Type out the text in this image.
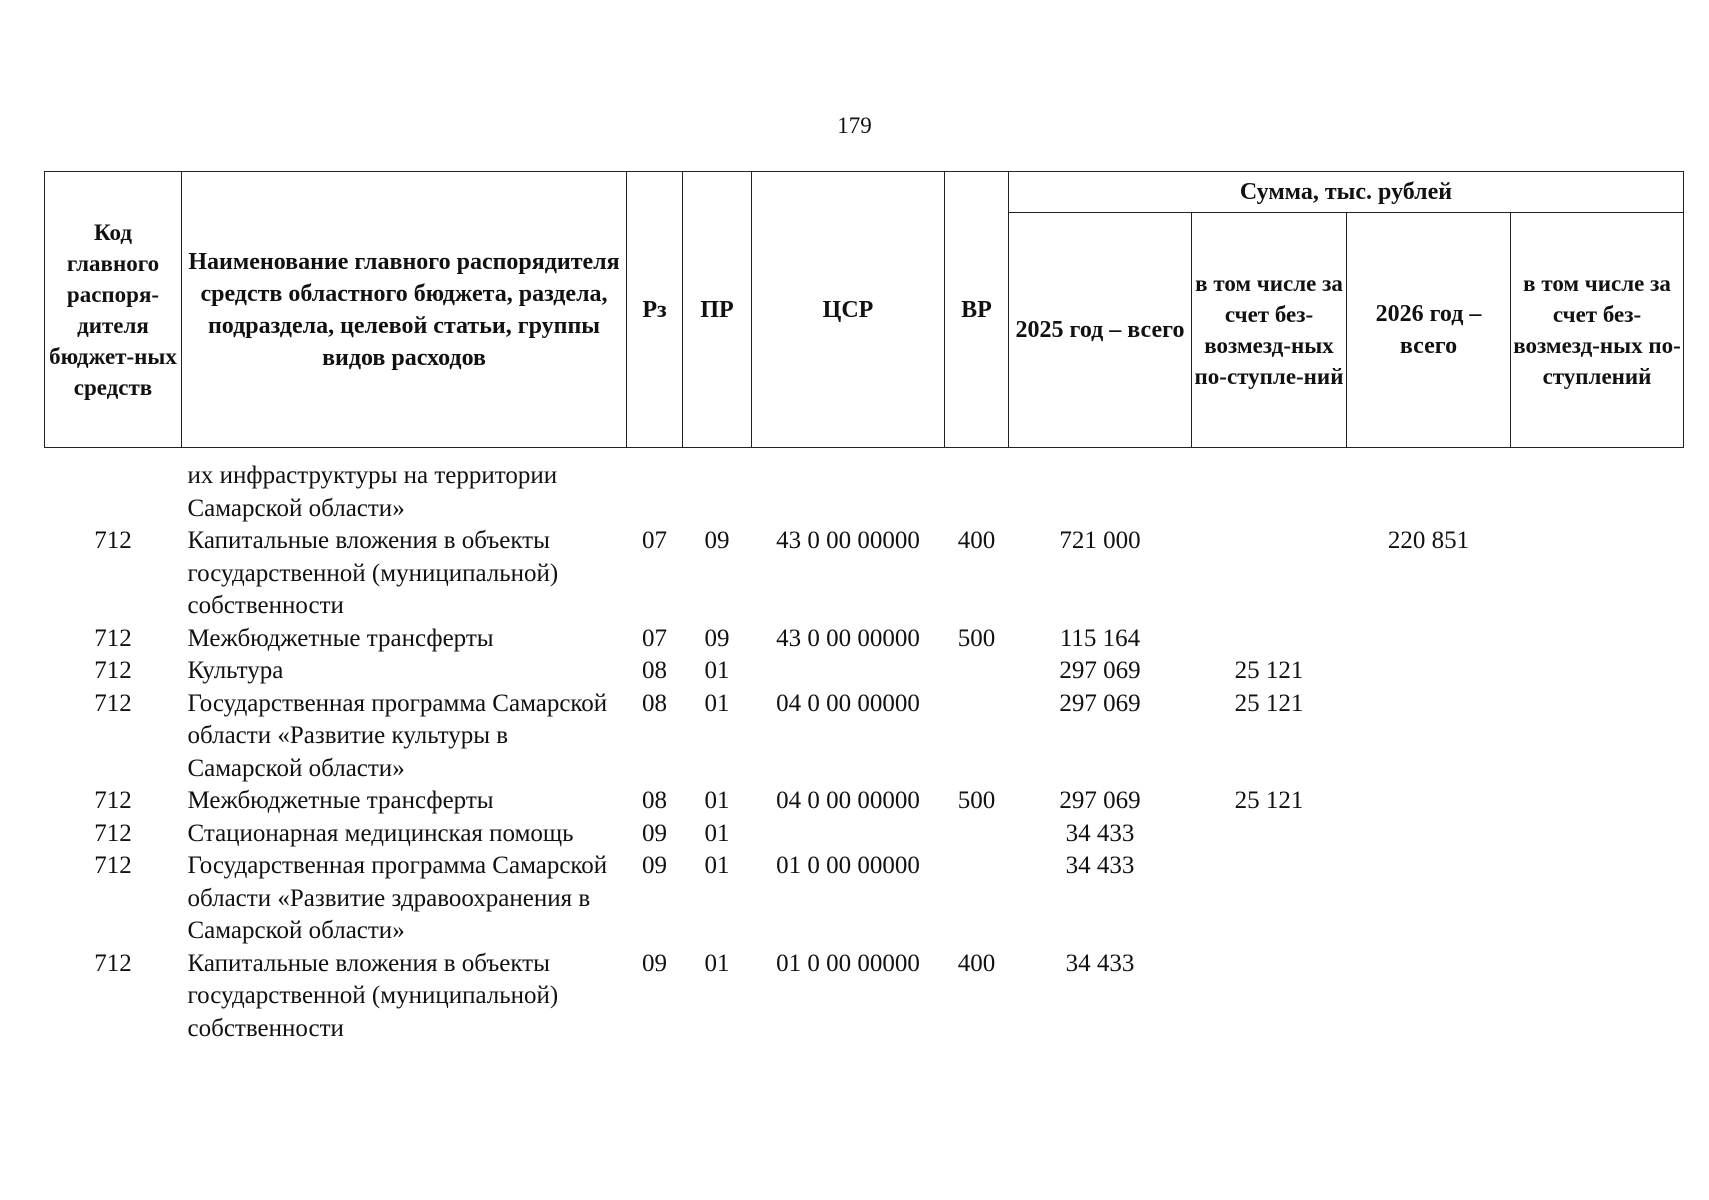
179
Код главного распоря-дителя бюджет-ных средств	Наименование главного распорядителя средств областного бюджета, раздела, подраздела, целевой статьи, группы видов расходов	Рз	ПР	ЦСР	ВР	Сумма, тыс. рублей			
						2025 год – всего	в том числе за счет без-возмезд-ных по-ступле-ний	2026 год – всего	в том числе за счет без-возмезд-ных по-ступлений
	их инфраструктуры на территории Самарской области»								
712	Капитальные вложения в объекты государственной (муниципальной) собственности	07	09	43 0 00 00000	400	721 000		220 851	
712	Межбюджетные трансферты	07	09	43 0 00 00000	500	115 164			
712	Культура	08	01			297 069	25 121		
712	Государственная программа Самарской области «Развитие культуры в Самарской области»	08	01	04 0 00 00000		297 069	25 121		
712	Межбюджетные трансферты	08	01	04 0 00 00000	500	297 069	25 121		
712	Стационарная медицинская помощь	09	01			34 433			
712	Государственная программа Самарской области «Развитие здравоохранения в Самарской области»	09	01	01 0 00 00000		34 433			
712	Капитальные вложения в объекты государственной (муниципальной) собственности	09	01	01 0 00 00000	400	34 433			
